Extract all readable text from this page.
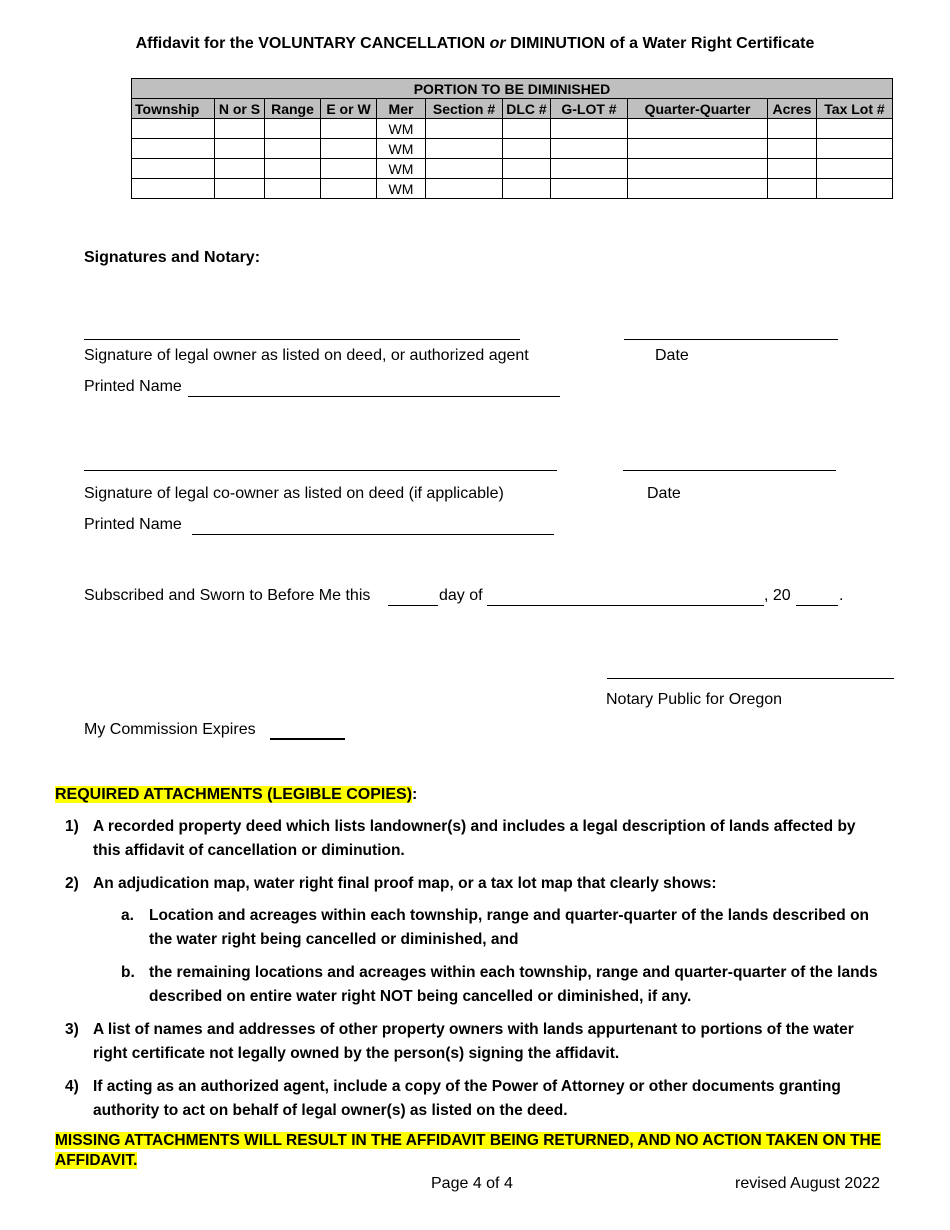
Affidavit for the VOLUNTARY CANCELLATION or DIMINUTION of a Water Right Certificate
PORTION TO BE DIMINISHED										
Township	N or S	Range	E or W	Mer	Section #	DLC #	G-LOT #	Quarter-Quarter	Acres	Tax Lot #
				WM						
				WM						
				WM						
				WM						
Signatures and Notary:
Signature of legal owner as listed on deed, or authorized agent	Date
Printed Name
Signature of legal co-owner as listed on deed (if applicable)	Date
Printed Name
Subscribed and Sworn to Before Me this	day of	, 20	.
Notary Public for Oregon
My Commission Expires
REQUIRED ATTACHMENTS (LEGIBLE COPIES):
1) A recorded property deed which lists landowner(s) and includes a legal description of lands affected by this affidavit of cancellation or diminution.
2) An adjudication map, water right final proof map, or a tax lot map that clearly shows:
a. Location and acreages within each township, range and quarter-quarter of the lands described on the water right being cancelled or diminished, and
b. the remaining locations and acreages within each township, range and quarter-quarter of the lands described on entire water right NOT being cancelled or diminished, if any.
3) A list of names and addresses of other property owners with lands appurtenant to portions of the water right certificate not legally owned by the person(s) signing the affidavit.
4) If acting as an authorized agent, include a copy of the Power of Attorney or other documents granting authority to act on behalf of legal owner(s) as listed on the deed.
MISSING ATTACHMENTS WILL RESULT IN THE AFFIDAVIT BEING RETURNED, AND NO ACTION TAKEN ON THE AFFIDAVIT.
Page 4 of 4	revised August 2022
